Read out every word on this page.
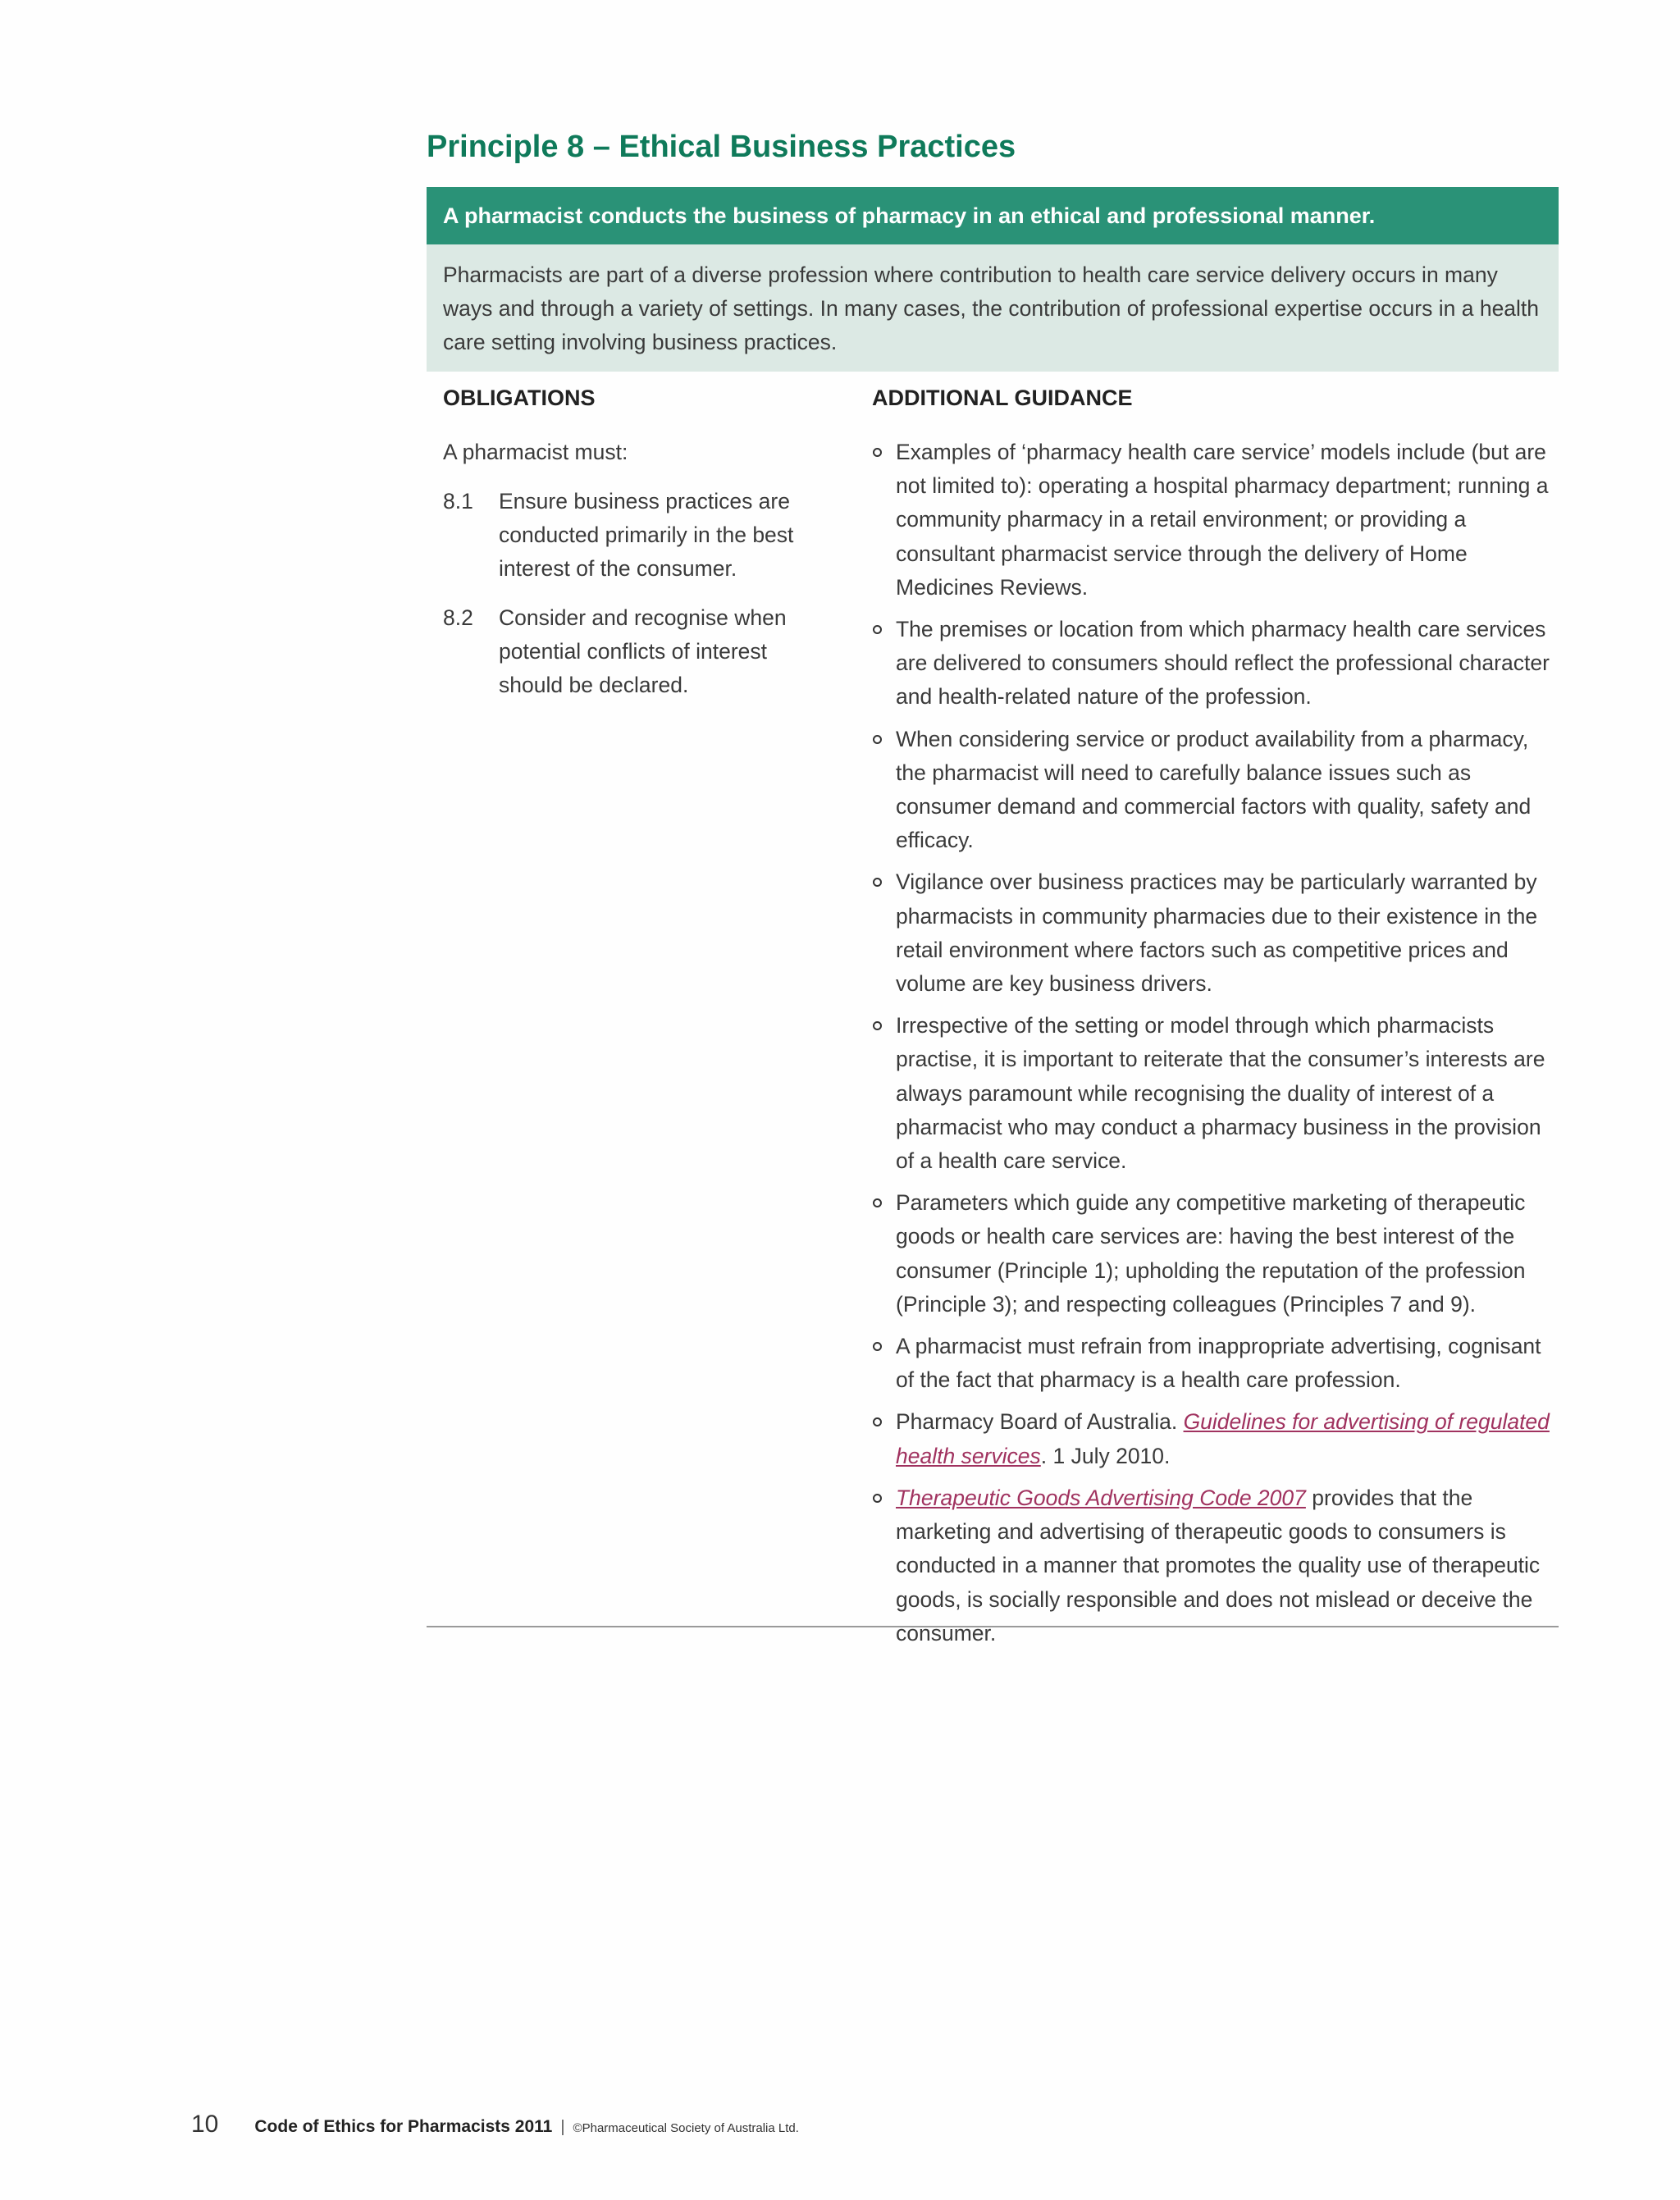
Principle 8 – Ethical Business Practices
A pharmacist conducts the business of pharmacy in an ethical and professional manner.
Pharmacists are part of a diverse profession where contribution to health care service delivery occurs in many ways and through a variety of settings. In many cases, the contribution of professional expertise occurs in a health care setting involving business practices.
OBLIGATIONS	ADDITIONAL GUIDANCE

A pharmacist must:

8.1	Ensure business practices are conducted primarily in the best interest of the consumer.
8.2	Consider and recognise when potential conflicts of interest should be declared.
Examples of ‘pharmacy health care service’ models include (but are not limited to): operating a hospital pharmacy department; running a community pharmacy in a retail environment; or providing a consultant pharmacist service through the delivery of Home Medicines Reviews.
The premises or location from which pharmacy health care services are delivered to consumers should reflect the professional character and health-related nature of the profession.
When considering service or product availability from a pharmacy, the pharmacist will need to carefully balance issues such as consumer demand and commercial factors with quality, safety and efficacy.
Vigilance over business practices may be particularly warranted by pharmacists in community pharmacies due to their existence in the retail environment where factors such as competitive prices and volume are key business drivers.
Irrespective of the setting or model through which pharmacists practise, it is important to reiterate that the consumer’s interests are always paramount while recognising the duality of interest of a pharmacist who may conduct a pharmacy business in the provision of a health care service.
Parameters which guide any competitive marketing of therapeutic goods or health care services are: having the best interest of the consumer (Principle 1); upholding the reputation of the profession (Principle 3); and respecting colleagues (Principles 7 and 9).
A pharmacist must refrain from inappropriate advertising, cognisant of the fact that pharmacy is a health care profession.
Pharmacy Board of Australia. Guidelines for advertising of regulated health services. 1 July 2010.
Therapeutic Goods Advertising Code 2007 provides that the marketing and advertising of therapeutic goods to consumers is conducted in a manner that promotes the quality use of therapeutic goods, is socially responsible and does not mislead or deceive the consumer.
10 Code of Ethics for Pharmacists 2011 | ©Pharmaceutical Society of Australia Ltd.
